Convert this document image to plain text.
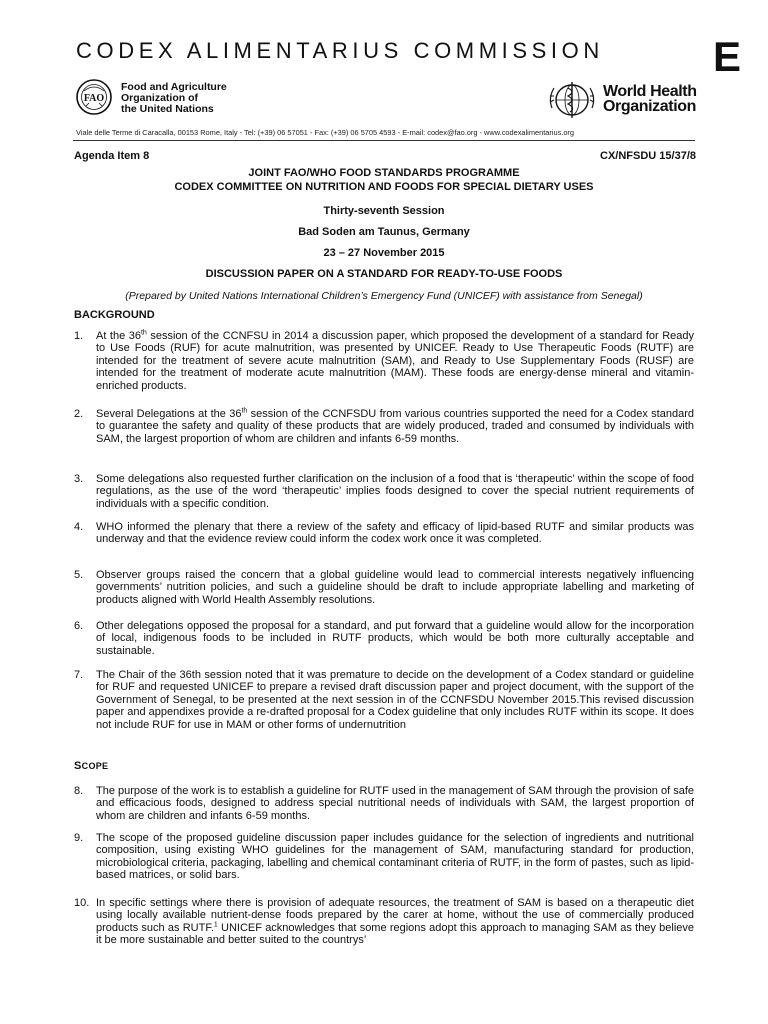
CODEX ALIMENTARIUS COMMISSION	E
FAO
Food and Agriculture
Organization of
the United Nations
World Health
Organization
Viale delle Terme di Caracalla, 00153 Rome, Italy - Tel: (+39) 06 57051 - Fax: (+39) 06 5705 4593 - E-mail: codex@fao.org - www.codexalimentarius.org
Agenda Item 8	CX/NFSDU 15/37/8
JOINT FAO/WHO FOOD STANDARDS PROGRAMME
CODEX COMMITTEE ON NUTRITION AND FOODS FOR SPECIAL DIETARY USES
Thirty-seventh Session
Bad Soden am Taunus, Germany
23 – 27 November 2015
DISCUSSION PAPER ON A STANDARD FOR READY-TO-USE FOODS
(Prepared by United Nations International Children’s Emergency Fund (UNICEF) with assistance from Senegal)
BACKGROUND
1. At the 36th session of the CCNFSU in 2014 a discussion paper, which proposed the development of a standard for Ready to Use Foods (RUF) for acute malnutrition, was presented by UNICEF. Ready to Use Therapeutic Foods (RUTF) are intended for the treatment of severe acute malnutrition (SAM), and Ready to Use Supplementary Foods (RUSF) are intended for the treatment of moderate acute malnutrition (MAM). These foods are energy-dense mineral and vitamin-enriched products.
2. Several Delegations at the 36th session of the CCNFSDU from various countries supported the need for a Codex standard to guarantee the safety and quality of these products that are widely produced, traded and consumed by individuals with SAM, the largest proportion of whom are children and infants 6-59 months.
3. Some delegations also requested further clarification on the inclusion of a food that is ‘therapeutic’ within the scope of food regulations, as the use of the word ‘therapeutic’ implies foods designed to cover the special nutrient requirements of individuals with a specific condition.
4. WHO informed the plenary that there a review of the safety and efficacy of lipid-based RUTF and similar products was underway and that the evidence review could inform the codex work once it was completed.
5. Observer groups raised the concern that a global guideline would lead to commercial interests negatively influencing governments’ nutrition policies, and such a guideline should be draft to include appropriate labelling and marketing of products aligned with World Health Assembly resolutions.
6. Other delegations opposed the proposal for a standard, and put forward that a guideline would allow for the incorporation of local, indigenous foods to be included in RUTF products, which would be both more culturally acceptable and sustainable.
7. The Chair of the 36th session noted that it was premature to decide on the development of a Codex standard or guideline for RUF and requested UNICEF to prepare a revised draft discussion paper and project document, with the support of the Government of Senegal, to be presented at the next session in of the CCNFSDU November 2015.This revised discussion paper and appendixes provide a re-drafted proposal for a Codex guideline that only includes RUTF within its scope. It does not include RUF for use in MAM or other forms of undernutrition
SCOPE
8. The purpose of the work is to establish a guideline for RUTF used in the management of SAM through the provision of safe and efficacious foods, designed to address special nutritional needs of individuals with SAM, the largest proportion of whom are children and infants 6-59 months.
9. The scope of the proposed guideline discussion paper includes guidance for the selection of ingredients and nutritional composition, using existing WHO guidelines for the management of SAM, manufacturing standard for production, microbiological criteria, packaging, labelling and chemical contaminant criteria of RUTF, in the form of pastes, such as lipid-based matrices, or solid bars.
10. In specific settings where there is provision of adequate resources, the treatment of SAM is based on a therapeutic diet using locally available nutrient-dense foods prepared by the carer at home, without the use of commercially produced products such as RUTF.$^1$ UNICEF acknowledges that some regions adopt this approach to managing SAM as they believe it be more sustainable and better suited to the countrys’
